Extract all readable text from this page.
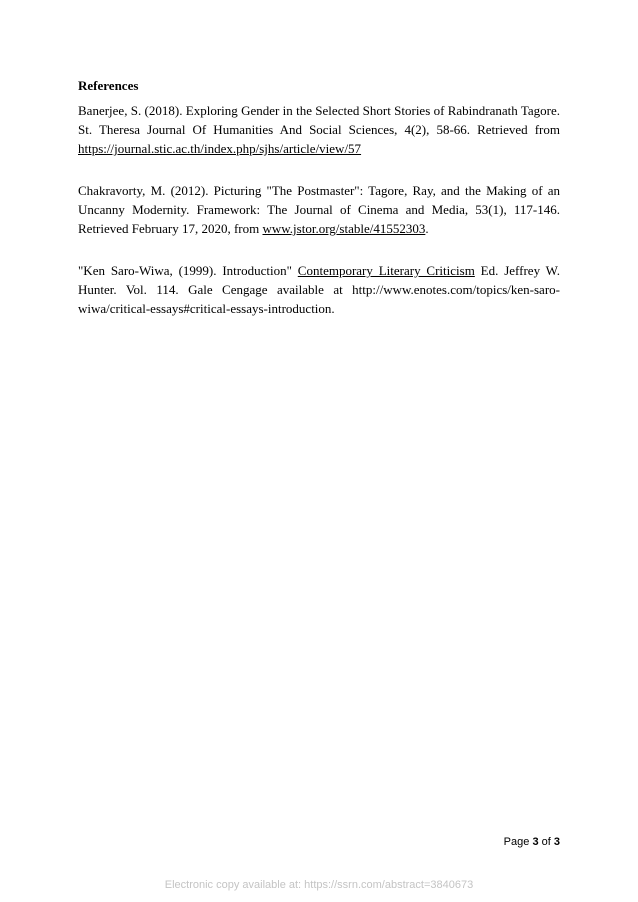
References

Banerjee, S. (2018). Exploring Gender in the Selected Short Stories of Rabindranath Tagore. St. Theresa Journal Of Humanities And Social Sciences, 4(2), 58-66. Retrieved from https://journal.stic.ac.th/index.php/sjhs/article/view/57

Chakravorty, M. (2012). Picturing "The Postmaster": Tagore, Ray, and the Making of an Uncanny Modernity. Framework: The Journal of Cinema and Media, 53(1), 117-146. Retrieved February 17, 2020, from www.jstor.org/stable/41552303.

"Ken Saro-Wiwa, (1999). Introduction" Contemporary Literary Criticism Ed. Jeffrey W. Hunter. Vol. 114. Gale Cengage available at http://www.enotes.com/topics/ken-saro-wiwa/critical-essays#critical-essays-introduction.

Page 3 of 3
Electronic copy available at: https://ssrn.com/abstract=3840673
